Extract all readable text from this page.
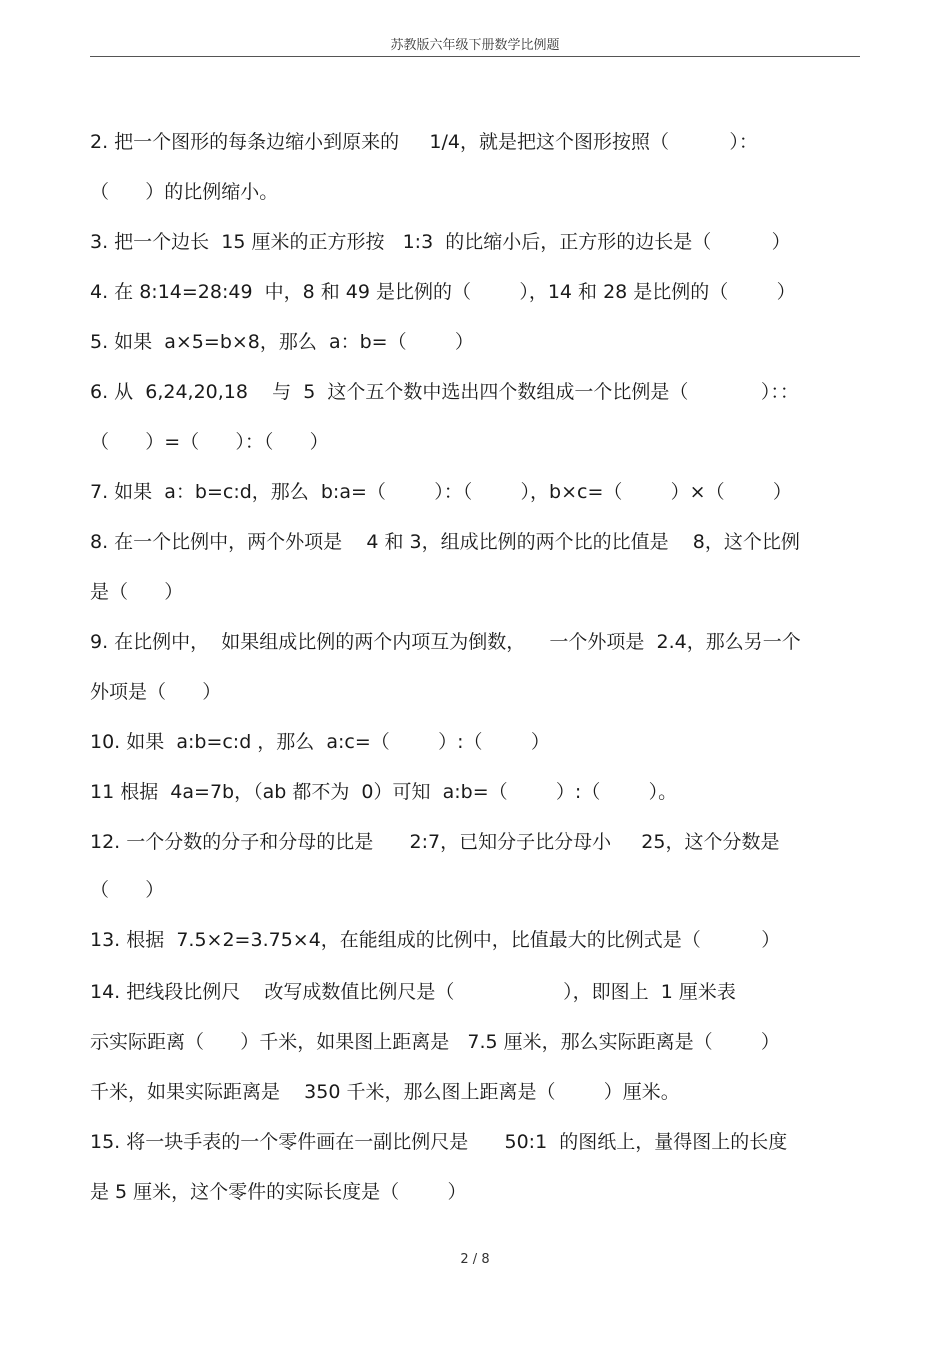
苏教版六年级下册数学比例题
2. 把一个图形的每条边缩小到原来的     1/4，就是把这个图形按照（          ）：
（      ）的比例缩小。
3. 把一个边长  15 厘米的正方形按   1:3  的比缩小后，正方形的边长是（          ）
4. 在 8:14=28:49  中，8 和 49 是比例的（        ），14 和 28 是比例的（        ）
5. 如果  a×5=b×8，那么  a：b=（        ）
6. 从  6,24,20,18    与  5  这个五个数中选出四个数组成一个比例是（            ）：：
（      ）=（      ）：（      ）
7. 如果  a：b=c:d，那么  b:a=（        ）：（        ），b×c=（        ）×（        ）
8. 在一个比例中，两个外项是    4 和 3，组成比例的两个比的比值是    8，这个比例
是（      ）
9. 在比例中，  如果组成比例的两个内项互为倒数，    一个外项是  2.4，那么另一个
外项是（      ）
10. 如果  a:b=c:d ，那么  a:c=（        ）:（        ）
11 根据  4a=7b，（ab 都不为  0）可知  a:b=（        ）:（        ）。
12. 一个分数的分子和分母的比是      2:7，已知分子比分母小     25，这个分数是
（      ）
13. 根据  7.5×2=3.75×4，在能组成的比例中，比值最大的比例式是（          ）
14. 把线段比例尺    改写成数值比例尺是（                  ），即图上  1 厘米表
示实际距离（      ）千米，如果图上距离是   7.5 厘米，那么实际距离是（        ）
千米，如果实际距离是    350 千米，那么图上距离是（        ）厘米。
15. 将一块手表的一个零件画在一副比例尺是      50:1  的图纸上，量得图上的长度
是 5 厘米，这个零件的实际长度是（        ）
2 / 8
